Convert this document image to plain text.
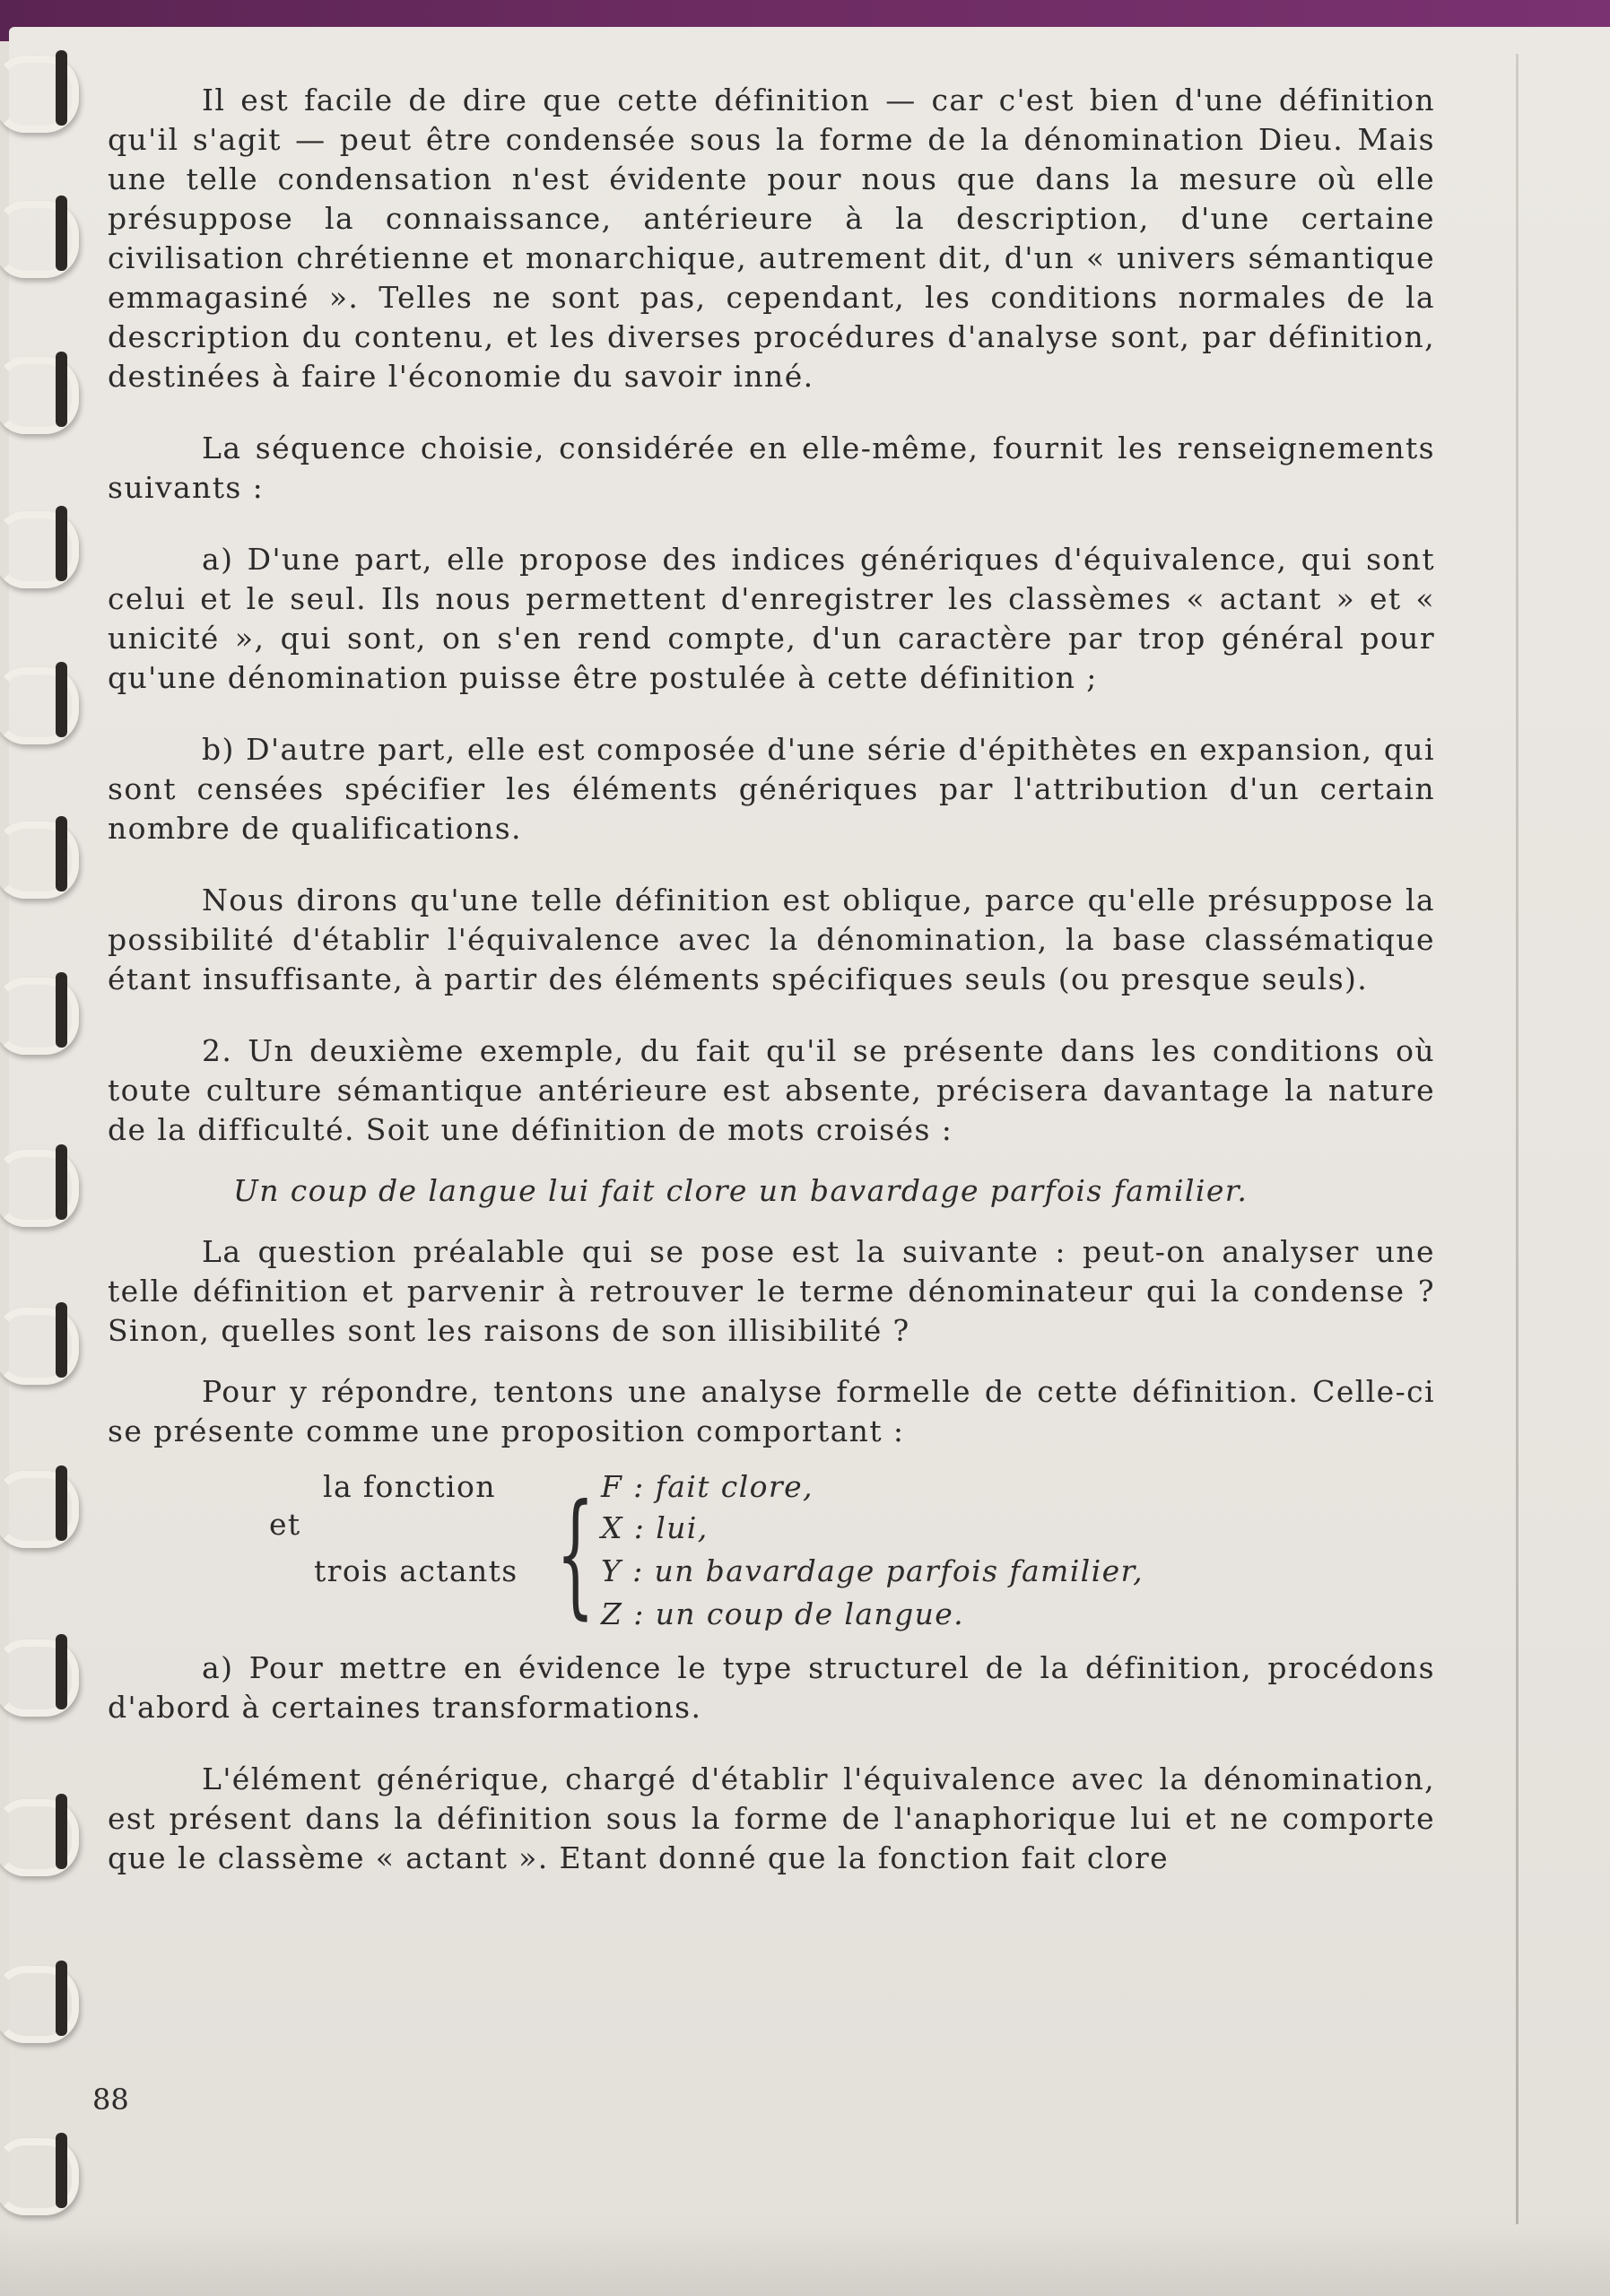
Il est facile de dire que cette définition — car c'est bien d'une définition qu'il s'agit — peut être condensée sous la forme de la dénomination Dieu. Mais une telle condensation n'est évidente pour nous que dans la mesure où elle présuppose la connaissance, antérieure à la description, d'une certaine civilisation chrétienne et monarchique, autrement dit, d'un « univers sémantique emmagasiné ». Telles ne sont pas, cependant, les conditions normales de la description du contenu, et les diverses procédures d'analyse sont, par définition, destinées à faire l'économie du savoir inné.

La séquence choisie, considérée en elle-même, fournit les renseignements suivants :

a) D'une part, elle propose des indices génériques d'équivalence, qui sont celui et le seul. Ils nous permettent d'enregistrer les classèmes « actant » et « unicité », qui sont, on s'en rend compte, d'un caractère par trop général pour qu'une dénomination puisse être postulée à cette définition ;

b) D'autre part, elle est composée d'une série d'épithètes en expansion, qui sont censées spécifier les éléments génériques par l'attribution d'un certain nombre de qualifications.

Nous dirons qu'une telle définition est oblique, parce qu'elle présuppose la possibilité d'établir l'équivalence avec la dénomination, la base classématique étant insuffisante, à partir des éléments spécifiques seuls (ou presque seuls).

2. Un deuxième exemple, du fait qu'il se présente dans les conditions où toute culture sémantique antérieure est absente, précisera davantage la nature de la difficulté. Soit une définition de mots croisés :

Un coup de langue lui fait clore un bavardage parfois familier.

La question préalable qui se pose est la suivante : peut-on analyser une telle définition et parvenir à retrouver le terme dénominateur qui la condense ? Sinon, quelles sont les raisons de son illisibilité ?

Pour y répondre, tentons une analyse formelle de cette définition. Celle-ci se présente comme une proposition comportant :

la fonction	F : fait clore,
et
trois actants { X : lui,
Y : un bavardage parfois familier,
Z : un coup de langue.

a) Pour mettre en évidence le type structurel de la définition, procédons d'abord à certaines transformations.

L'élément générique, chargé d'établir l'équivalence avec la dénomination, est présent dans la définition sous la forme de l'anaphorique lui et ne comporte que le classème « actant ». Etant donné que la fonction fait clore

88
